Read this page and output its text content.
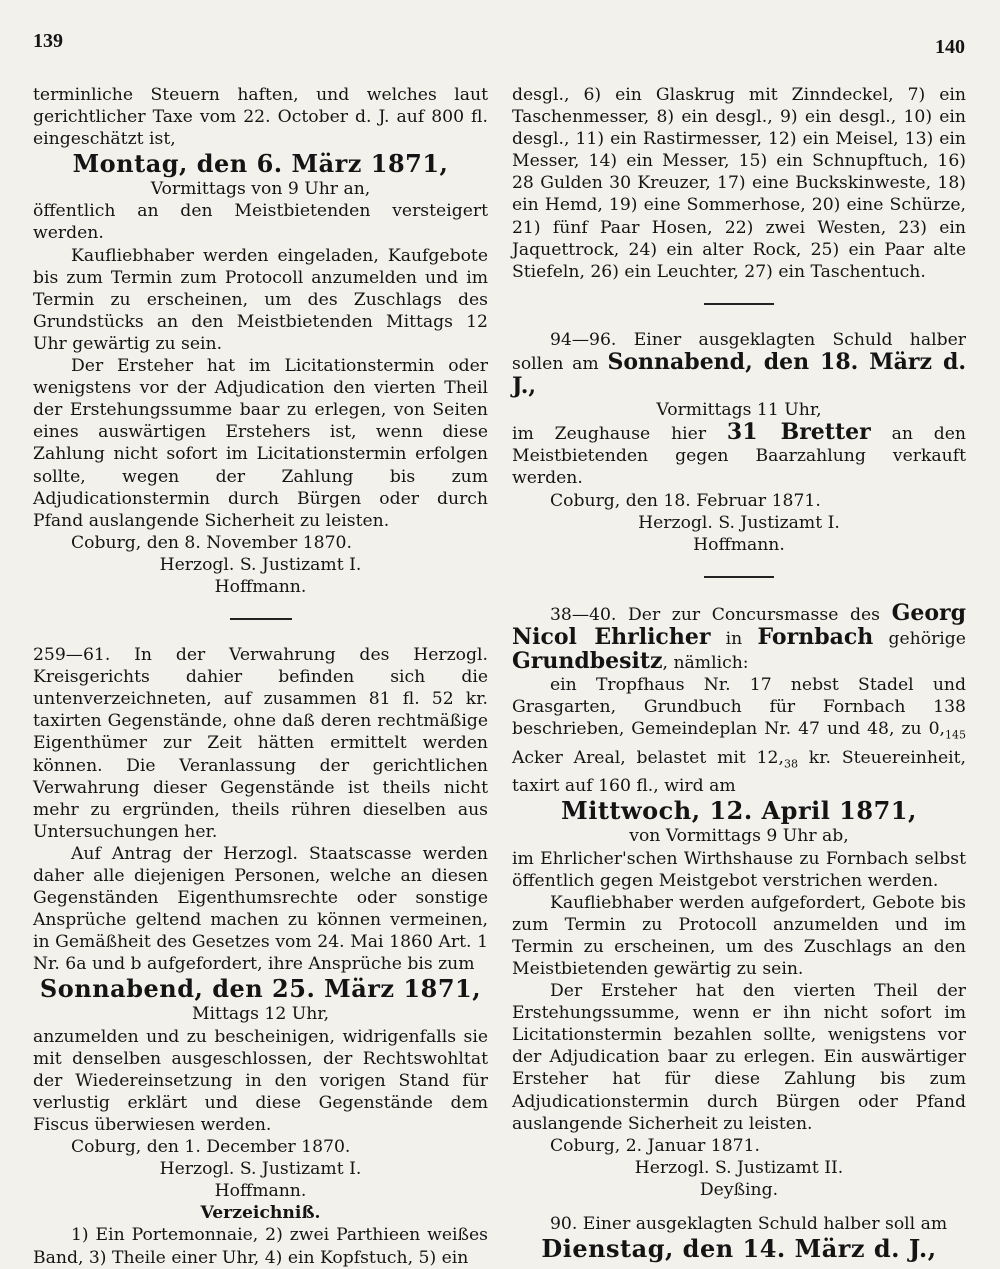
139	140

terminliche Steuern haften, und welches laut gerichtlicher Taxe vom 22. October d. J. auf 800 fl. eingeschätzt ist,

Montag, den 6. März 1871,

Vormittags von 9 Uhr an,

öffentlich an den Meistbietenden versteigert werden.

Kaufliebhaber werden eingeladen, Kaufgebote bis zum Termin zum Protocoll anzumelden und im Termin zu erscheinen, um des Zuschlags des Grundstücks an den Meistbietenden Mittags 12 Uhr gewärtig zu sein.

Der Ersteher hat im Licitationstermin oder wenigstens vor der Adjudication den vierten Theil der Erstehungssumme baar zu erlegen, von Seiten eines auswärtigen Erstehers ist, wenn diese Zahlung nicht sofort im Licitationstermin erfolgen sollte, wegen der Zahlung bis zum Adjudicationstermin durch Bürgen oder durch Pfand auslangende Sicherheit zu leisten.

Coburg, den 8. November 1870.

Herzogl. S. Justizamt I.

Hoffmann.

259—61. In der Verwahrung des Herzogl. Kreisgerichts dahier befinden sich die untenverzeichneten, auf zusammen 81 fl. 52 kr. taxirten Gegenstände, ohne daß deren rechtmäßige Eigenthümer zur Zeit hätten ermittelt werden können. Die Veranlassung der gerichtlichen Verwahrung dieser Gegenstände ist theils nicht mehr zu ergründen, theils rühren dieselben aus Untersuchungen her.

Auf Antrag der Herzogl. Staatscasse werden daher alle diejenigen Personen, welche an diesen Gegenständen Eigenthumsrechte oder sonstige Ansprüche geltend machen zu können vermeinen, in Gemäßheit des Gesetzes vom 24. Mai 1860 Art. 1 Nr. 6a und b aufgefordert, ihre Ansprüche bis zum

Sonnabend, den 25. März 1871,

Mittags 12 Uhr,

anzumelden und zu bescheinigen, widrigenfalls sie mit denselben ausgeschlossen, der Rechtswohltat der Wiedereinsetzung in den vorigen Stand für verlustig erklärt und diese Gegenstände dem Fiscus überwiesen werden.

Coburg, den 1. December 1870.

Herzogl. S. Justizamt I.

Hoffmann.

Verzeichniß.

1) Ein Portemonnaie, 2) zwei Parthieen weißes Band, 3) Theile einer Uhr, 4) ein Kopfstuch, 5) ein

desgl., 6) ein Glaskrug mit Zinndeckel, 7) ein Taschenmesser, 8) ein desgl., 9) ein desgl., 10) ein desgl., 11) ein Rastirmesser, 12) ein Meisel, 13) ein Messer, 14) ein Messer, 15) ein Schnupftuch, 16) 28 Gulden 30 Kreuzer, 17) eine Buckskinweste, 18) ein Hemd, 19) eine Sommerhose, 20) eine Schürze, 21) fünf Paar Hosen, 22) zwei Westen, 23) ein Jaquettrock, 24) ein alter Rock, 25) ein Paar alte Stiefeln, 26) ein Leuchter, 27) ein Taschentuch.

94—96. Einer ausgeklagten Schuld halber sollen am Sonnabend, den 18. März d. J.,

Vormittags 11 Uhr,

im Zeughause hier 31 Bretter an den Meistbietenden gegen Baarzahlung verkauft werden.

Coburg, den 18. Februar 1871.

Herzogl. S. Justizamt I.

Hoffmann.

38—40. Der zur Concursmasse des Georg Nicol Ehrlicher in Fornbach gehörige Grundbesitz, nämlich:

ein Tropfhaus Nr. 17 nebst Stadel und Grasgarten, Grundbuch für Fornbach 138 beschrieben, Gemeindeplan Nr. 47 und 48, zu $0,_{145}$ Acker Areal, belastet mit $12,_{38}$ kr. Steuereinheit, taxirt auf 160 fl., wird am

Mittwoch, 12. April 1871,

von Vormittags 9 Uhr ab,

im Ehrlicher'schen Wirthshause zu Fornbach selbst öffentlich gegen Meistgebot verstrichen werden.

Kaufliebhaber werden aufgefordert, Gebote bis zum Termin zu Protocoll anzumelden und im Termin zu erscheinen, um des Zuschlags an den Meistbietenden gewärtig zu sein.

Der Ersteher hat den vierten Theil der Erstehungssumme, wenn er ihn nicht sofort im Licitationstermin bezahlen sollte, wenigstens vor der Adjudication baar zu erlegen. Ein auswärtiger Ersteher hat für diese Zahlung bis zum Adjudicationstermin durch Bürgen oder Pfand auslangende Sicherheit zu leisten.

Coburg, 2. Januar 1871.

Herzogl. S. Justizamt II.

Deyßing.

90. Einer ausgeklagten Schuld halber soll am

Dienstag, den 14. März d. J.,
